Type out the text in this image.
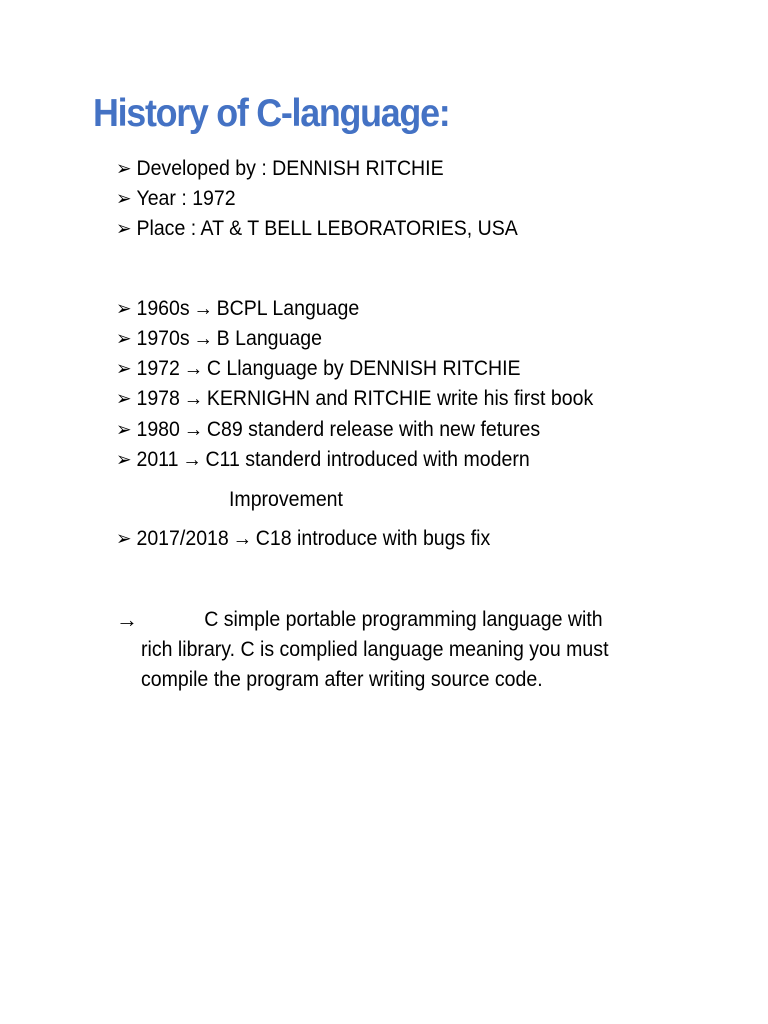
History of C-language:
➢ Developed by : DENNISH RITCHIE
➢ Year : 1972
➢ Place : AT & T BELL LEBORATORIES, USA
➢ 1960s → BCPL Language
➢ 1970s → B Language
➢ 1972 → C Llanguage by DENNISH RITCHIE
➢ 1978 → KERNIGHN and RITCHIE write his first book
➢ 1980 → C89 standerd release with new fetures
➢ 2011 → C11 standerd introduced with modern
Improvement
➢ 2017/2018 → C18 introduce with bugs fix
→	C simple portable programming language with
rich library. C is complied language meaning you must
compile the program after writing source code.
